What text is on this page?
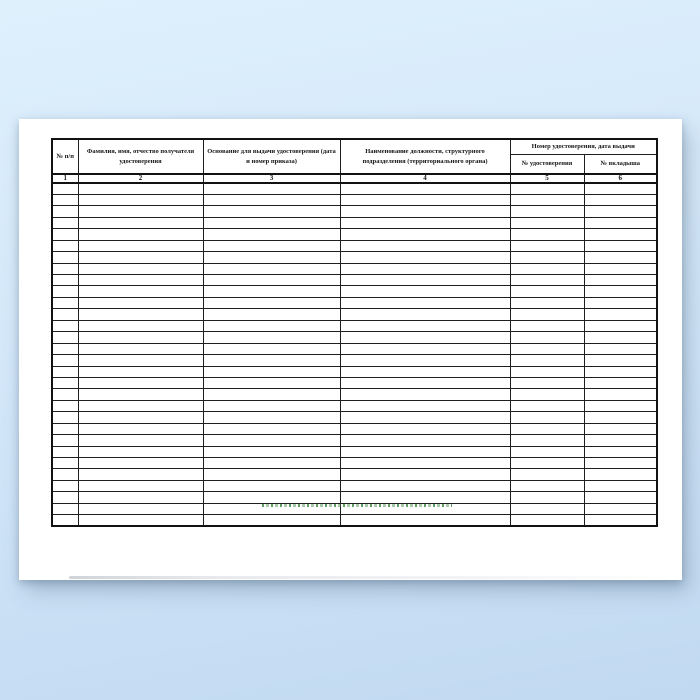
№ п/п	Фамилия, имя, отчество получателя удостоверения	Основание для выдачи удостоверения (дата и номер приказа)	Наименование должности, структурного подразделения (территориального органа)	Номер удостоверения, дата выдачи	
				№ удостоверения	№ вкладыша
1	2	3	4	5	6
